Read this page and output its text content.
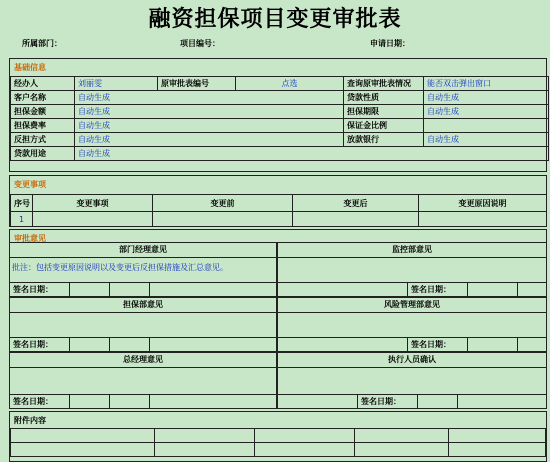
融资担保项目变更审批表
所属部门：	项目编号：	申请日期：
基础信息
经办人	刘丽雯	原审批表编号	点选	查询原审批表情况	能否双击弹出窗口
客户名称	自动生成			贷款性质	自动生成
担保金额	自动生成			担保期限	自动生成
担保费率	自动生成			保证金比例	
反担方式	自动生成			放款银行	自动生成
贷款用途	自动生成				
变更事项
序号	变更事项	变更前	变更后	变更原因说明
1				
审批意见
部门经理意见
批注：包括变更原因说明以及变更后反担保措施及汇总意见。
签名日期：			
监控部意见
	签名日期：		
担保部意见
签名日期：			
风险管理部意见
	签名日期：		
总经理意见
签名日期：			
执行人员确认
	签名日期：		
附件内容
